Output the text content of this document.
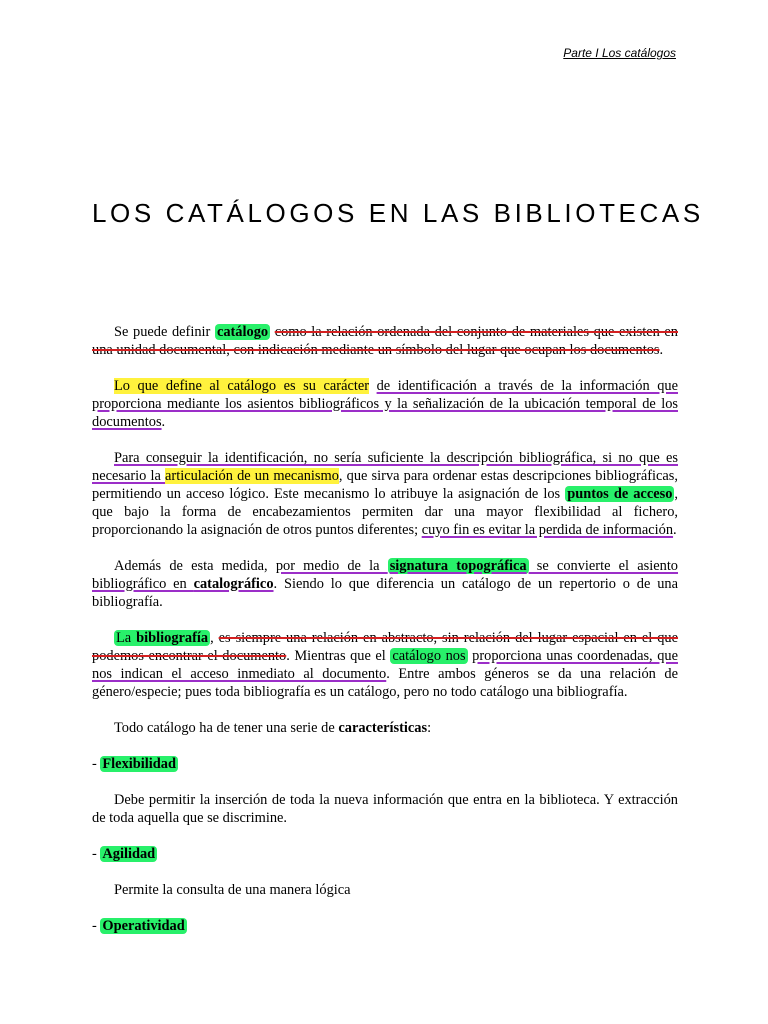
Parte I Los catálogos
LOS CATÁLOGOS EN LAS BIBLIOTECAS

Se puede definir catálogo como la relación ordenada del conjunto de materiales que existen en una unidad documental, con indicación mediante un símbolo del lugar que ocupan los documentos.

Lo que define al catálogo es su carácter de identificación a través de la información que proporciona mediante los asientos bibliográficos y la señalización de la ubicación temporal de los documentos.

Para conseguir la identificación, no sería suficiente la descripción bibliográfica, si no que es necesario la articulación de un mecanismo, que sirva para ordenar estas descripciones bibliográficas, permitiendo un acceso lógico. Este mecanismo lo atribuye la asignación de los puntos de acceso , que bajo la forma de encabezamientos permiten dar una mayor flexibilidad al fichero, proporcionando la asignación de otros puntos diferentes; cuyo fin es evitar la perdida de información.

Además de esta medida, por medio de la signatura topográfica se convierte el asiento bibliográfico en catalográfico. Siendo lo que diferencia un catálogo de un repertorio o de una bibliografía.

La bibliografía , es siempre una relación en abstracto, sin relación del lugar espacial en el que podemos encontrar el documento. Mientras que el catálogo nos proporciona unas coordenadas, que nos indican el acceso inmediato al documento. Entre ambos géneros se da una relación de género/especie; pues toda bibliografía es un catálogo, pero no todo catálogo una bibliografía.

Todo catálogo ha de tener una serie de características:

- Flexibilidad

Debe permitir la inserción de toda la nueva información que entra en la biblioteca. Y extracción de toda aquella que se discrimine.

- Agilidad

Permite la consulta de una manera lógica

- Operatividad
